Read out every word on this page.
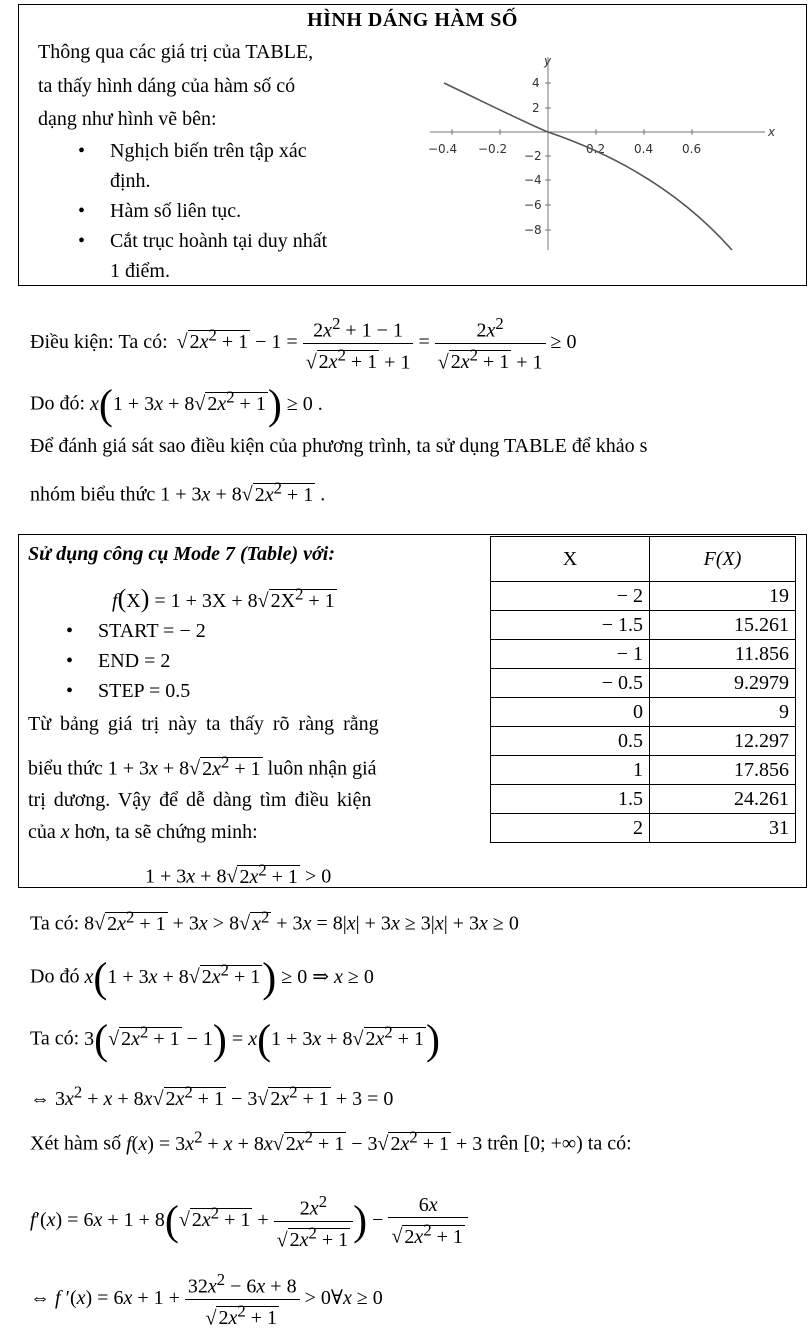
HÌNH DÁNG HÀM SỐ
Thông qua các giá trị của TABLE,
ta thấy hình dáng của hàm số có
dạng như hình vẽ bên:
• Nghịch biến trên tập xác
định.
• Hàm số liên tục.
• Cắt trục hoành tại duy nhất
1 điểm.
y
x
−0.4 −0.2	0.2 0.4 0.6
4
2
−2
−4
−6
−8
Điều kiện: Ta có: √ $2x^2 + 1 - 1 = \frac{2x^2 + 1 - 1}{√ 2x^2 + 1 + 1} = \frac{2x^2}{√ 2x^2 + 1 + 1} \ge 0$
Do đó: x(1 + 3x + 8√ $2x^2 + 1) \ge 0$ .
Để đánh giá sát sao điều kiện của phương trình, ta sử dụng TABLE để khảo s
nhóm biểu thức 1 + 3x + 8√ $2x^2 + 1$ .
Sử dụng công cụ Mode 7 (Table) với:
f(X) = 1 + 3X + 8√ $2X^2 + 1$
• START = − 2
• END = 2
• STEP = 0.5
Từ bảng giá trị này ta thấy rõ ràng rằng
biểu thức 1 + 3x + 8√ $2x^2 + 1$ luôn nhận giá
trị dương. Vậy để dễ dàng tìm điều kiện
của x hơn, ta sẽ chứng minh:
1 + 3x + 8√ $2x^2 + 1 > 0$
X	F(X)
− 2	19
− 1.5	15.261
− 1	11.856
− 0.5	9.2979
0	9
0.5	12.297
1	17.856
1.5	24.261
2	31
Ta có: 8√ $2x^2 + 1 + 3x > 8√$ $x^2 + 3x = 8|x| + 3x \ge 3|x| + 3x \ge 0$
Do đó x(1 + 3x + 8√ $2x^2 + 1) \ge 0$ ⇒ x ≥ 0
Ta có: 3(√ $2x^2 + 1 - 1) = x(1 + 3x + 8√$ $2x^2 + 1$)
⇔ $3x^2 + x + 8x√$ $2x^2 + 1 - 3√$ $2x^2 + 1 + 3 = 0$
Xét hàm số $f(x) = 3x^2 + x + 8x√$ $2x^2 + 1 - 3√$ $2x^2 + 1 + 3$ trên [0; +∞) ta có:
f′(x) = 6x + 1 + 8(√ $2x^2 + 1 + \frac{2x^2}{√ 2x^2 + 1}$ ) − $\frac{6x}{√ 2x^2 + 1}$
⇔ f $'(x) = 6x + 1 + \frac{32x^2 - 6x + 8}{√ 2x^2 + 1}$ > 0∀x ≥ 0
